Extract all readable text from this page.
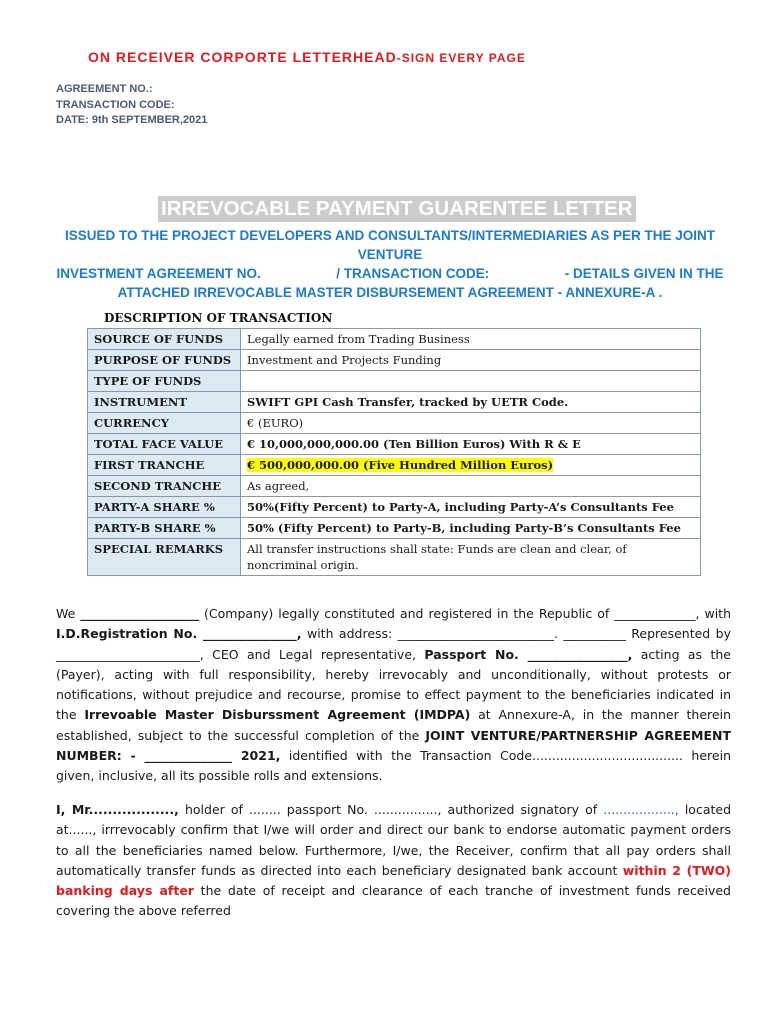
ON RECEIVER CORPORTE LETTERHEAD-SIGN EVERY PAGE
AGREEMENT NO.:
TRANSACTION CODE:
DATE: 9th SEPTEMBER,2021
IRREVOCABLE PAYMENT GUARENTEE LETTER
ISSUED TO THE PROJECT DEVELOPERS AND CONSULTANTS/INTERMEDIARIES AS PER THE JOINT VENTURE
INVESTMENT AGREEMENT NO.	/ TRANSACTION CODE:	- DETAILS GIVEN IN THE
ATTACHED IRREVOCABLE MASTER DISBURSEMENT AGREEMENT - ANNEXURE-A .
DESCRIPTION OF TRANSACTION
SOURCE OF FUNDS	Legally earned from Trading Business
PURPOSE OF FUNDS	Investment and Projects Funding
TYPE OF FUNDS	
INSTRUMENT	SWIFT GPI Cash Transfer, tracked by UETR Code.
CURRENCY	€ (EURO)
TOTAL FACE VALUE	€ 10,000,000,000.00 (Ten Billion Euros) With R & E
FIRST TRANCHE	€ 500,000,000.00 (Five Hundred Million Euros)
SECOND TRANCHE	As agreed,
PARTY-A SHARE %	50%(Fifty Percent) to Party-A, including Party-A’s Consultants Fee
PARTY-B SHARE %	50% (Fifty Percent) to Party-B, including Party-B’s Consultants Fee
SPECIAL REMARKS	All transfer instructions shall state: Funds are clean and clear, of noncriminal origin.
We ___________________ (Company) legally constituted and registered in the Republic of _____________, with I.D.Registration No. _______________, with address: _________________________. __________ Represented by _______________________, CEO and Legal representative, Passport No. ________________, acting as the (Payer), acting with full responsibility, hereby irrevocably and unconditionally, without protests or notifications, without prejudice and recourse, promise to effect payment to the beneficiaries indicated in the Irrevoable Master Disburssment Agreement (IMDPA) at Annexure-A, in the manner therein established, subject to the successful completion of the JOINT VENTURE/PARTNERSHIP AGREEMENT NUMBER: - ______________ 2021, identified with the Transaction Code...................................... herein given, inclusive, all its possible rolls and extensions.
I, Mr.................., holder of ........ passport No. ................, authorized signatory of .................., located at......, irrrevocably confirm that I/we will order and direct our bank to endorse automatic payment orders to all the beneficiaries named below. Furthermore, I/we, the Receiver, confirm that all pay orders shall automatically transfer funds as directed into each beneficiary designated bank account within 2 (TWO) banking days after the date of receipt and clearance of each tranche of investment funds received covering the above referred
